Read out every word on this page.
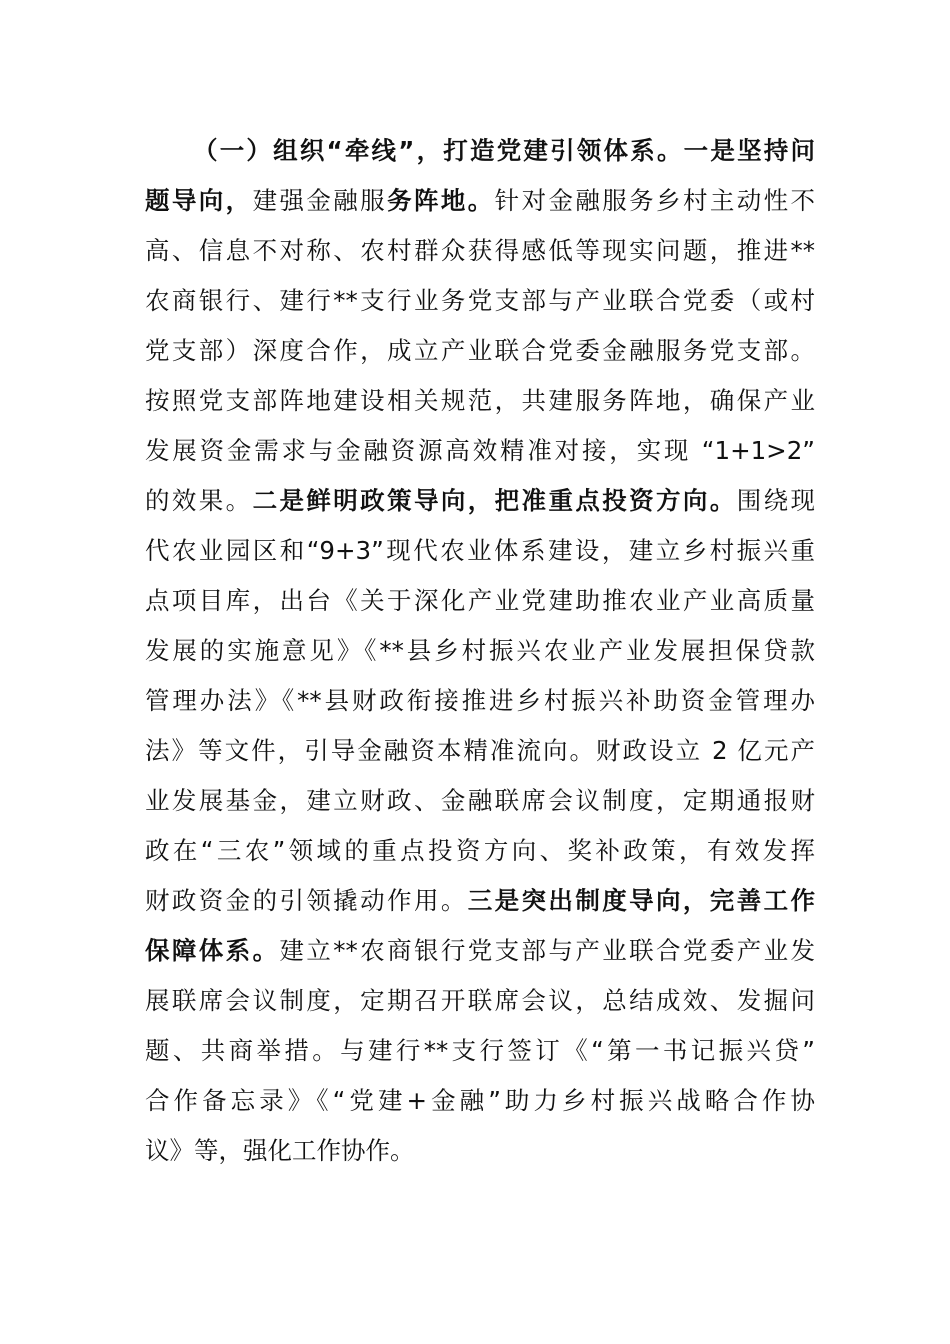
（一）组织“牵线”，打造党建引领体系。一是坚持问
题导向，建强金融服务阵地。针对金融服务乡村主动性不
高、信息不对称、农村群众获得感低等现实问题，推进**
农商银行、建行**支行业务党支部与产业联合党委（或村
党支部）深度合作，成立产业联合党委金融服务党支部。
按照党支部阵地建设相关规范，共建服务阵地，确保产业
发展资金需求与金融资源高效精准对接，实现 “1+1>2”
的效果。二是鲜明政策导向，把准重点投资方向。围绕现
代农业园区和“9+3”现代农业体系建设，建立乡村振兴重
点项目库，出台《关于深化产业党建助推农业产业高质量
发展的实施意见》《**县乡村振兴农业产业发展担保贷款
管理办法》《**县财政衔接推进乡村振兴补助资金管理办
法》等文件，引导金融资本精准流向。财政设立 2 亿元产
业发展基金，建立财政、金融联席会议制度，定期通报财
政在“三农”领域的重点投资方向、奖补政策，有效发挥
财政资金的引领撬动作用。三是突出制度导向，完善工作
保障体系。建立**农商银行党支部与产业联合党委产业发
展联席会议制度，定期召开联席会议，总结成效、发掘问
题、共商举措。与建行**支行签订《“第一书记振兴贷”
合作备忘录》《“党建+金融”助力乡村振兴战略合作协
议》等，强化工作协作。
